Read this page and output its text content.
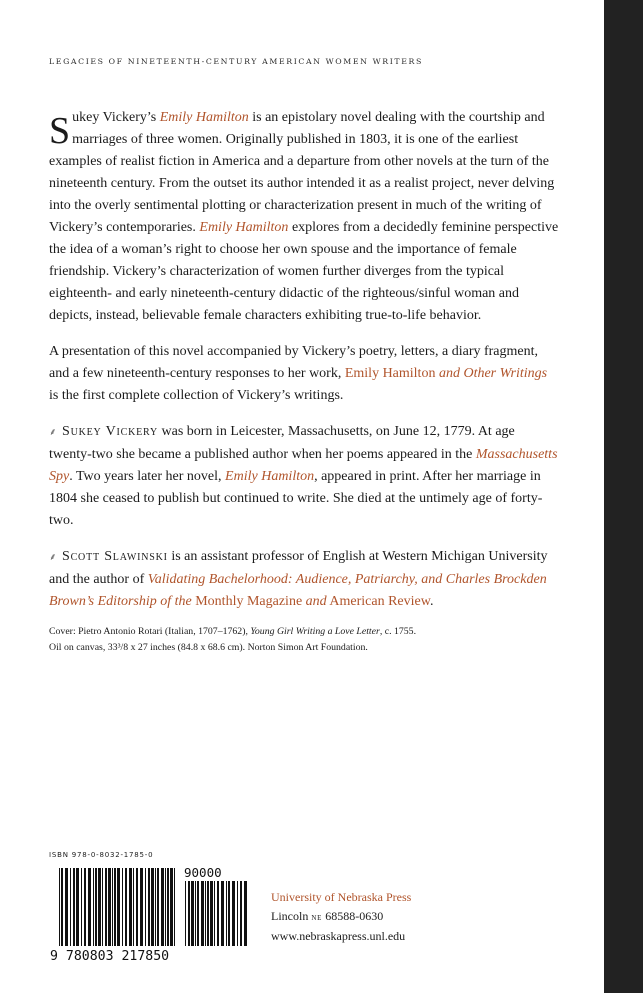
LEGACIES OF NINETEENTH-CENTURY AMERICAN WOMEN WRITERS

Sukey Vickery’s Emily Hamilton is an epistolary novel dealing with the courtship and marriages of three women. Originally published in 1803, it is one of the earliest examples of realist fiction in America and a departure from other novels at the turn of the nineteenth century. From the outset its author intended it as a realist project, never delving into the overly sentimental plotting or characterization present in much of the writing of Vickery’s contemporaries. Emily Hamilton explores from a decidedly feminine perspective the idea of a woman’s right to choose her own spouse and the importance of female friendship. Vickery’s characterization of women further diverges from the typical eighteenth- and early nineteenth-century didactic of the righteous/sinful woman and depicts, instead, believable female characters exhibiting true-to-life behavior.

A presentation of this novel accompanied by Vickery’s poetry, letters, a diary fragment, and a few nineteenth-century responses to her work, Emily Hamilton and Other Writings is the first complete collection of Vickery’s writings.

⸙ Sukey Vickery was born in Leicester, Massachusetts, on June 12, 1779. At age twenty-two she became a published author when her poems appeared in the Massachusetts Spy. Two years later her novel, Emily Hamilton, appeared in print. After her marriage in 1804 she ceased to publish but continued to write. She died at the untimely age of forty-two.

⸙ Scott Slawinski is an assistant professor of English at Western Michigan University and the author of Validating Bachelorhood: Audience, Patriarchy, and Charles Brockden Brown’s Editorship of the Monthly Magazine and American Review.

Cover: Pietro Antonio Rotari (Italian, 1707–1762), Young Girl Writing a Love Letter, c. 1755.
Oil on canvas, 33³/8 x 27 inches (84.8 x 68.6 cm). Norton Simon Art Foundation.
ISBN 978-0-8032-1785-0
9 780803 217850
90000
University of Nebraska Press
Lincoln ne 68588-0630
www.nebraskapress.unl.edu
